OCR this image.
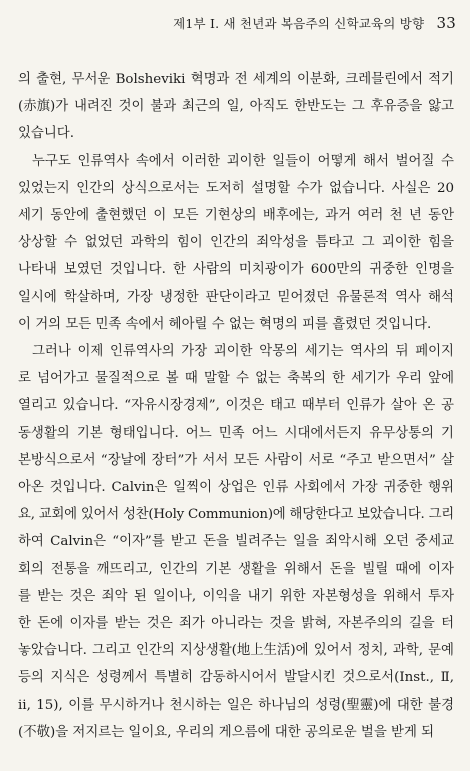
제1부 Ⅰ. 새 천년과 복음주의 신학교육의 방향 33
의 출현, 무서운 Bolsheviki 혁명과 전 세계의 이분화, 크레믈린에서 적기
(赤旗)가 내려진 것이 불과 최근의 일, 아직도 한반도는 그 후유증을 앓고
있습니다.
누구도 인류역사 속에서 이러한 괴이한 일들이 어떻게 해서 벌어질 수
있었는지 인간의 상식으로서는 도저히 설명할 수가 없습니다. 사실은 20
세기 동안에 출현했던 이 모든 기현상의 배후에는, 과거 여러 천 년 동안
상상할 수 없었던 과학의 힘이 인간의 죄악성을 틈타고 그 괴이한 힘을
나타내 보였던 것입니다. 한 사람의 미치광이가 600만의 귀중한 인명을
일시에 학살하며, 가장 냉정한 판단이라고 믿어졌던 유물론적 역사 해석
이 거의 모든 민족 속에서 헤아릴 수 없는 혁명의 피를 흘렸던 것입니다.
그러나 이제 인류역사의 가장 괴이한 악몽의 세기는 역사의 뒤 페이지
로 넘어가고 물질적으로 볼 때 말할 수 없는 축복의 한 세기가 우리 앞에
열리고 있습니다. “자유시장경제”, 이것은 태고 때부터 인류가 살아 온 공
동생활의 기본 형태입니다. 어느 민족 어느 시대에서든지 유무상통의 기
본방식으로서 “장날에 장터”가 서서 모든 사람이 서로 “주고 받으면서” 살
아온 것입니다. Calvin은 일찍이 상업은 인류 사회에서 가장 귀중한 행위
요, 교회에 있어서 성찬(Holy Communion)에 해당한다고 보았습니다. 그리
하여 Calvin은 “이자”를 받고 돈을 빌려주는 일을 죄악시해 오던 중세교
회의 전통을 깨뜨리고, 인간의 기본 생활을 위해서 돈을 빌릴 때에 이자
를 받는 것은 죄악 된 일이나, 이익을 내기 위한 자본형성을 위해서 투자
한 돈에 이자를 받는 것은 죄가 아니라는 것을 밝혀, 자본주의의 길을 터
놓았습니다. 그리고 인간의 지상생활(地上生活)에 있어서 정치, 과학, 문예
등의 지식은 성령께서 특별히 감동하시어서 발달시킨 것으로서(Inst., Ⅱ,
ⅱ, 15), 이를 무시하거나 천시하는 일은 하나님의 성령(聖靈)에 대한 불경
(不敬)을 저지르는 일이요, 우리의 게으름에 대한 공의로운 벌을 받게 되
